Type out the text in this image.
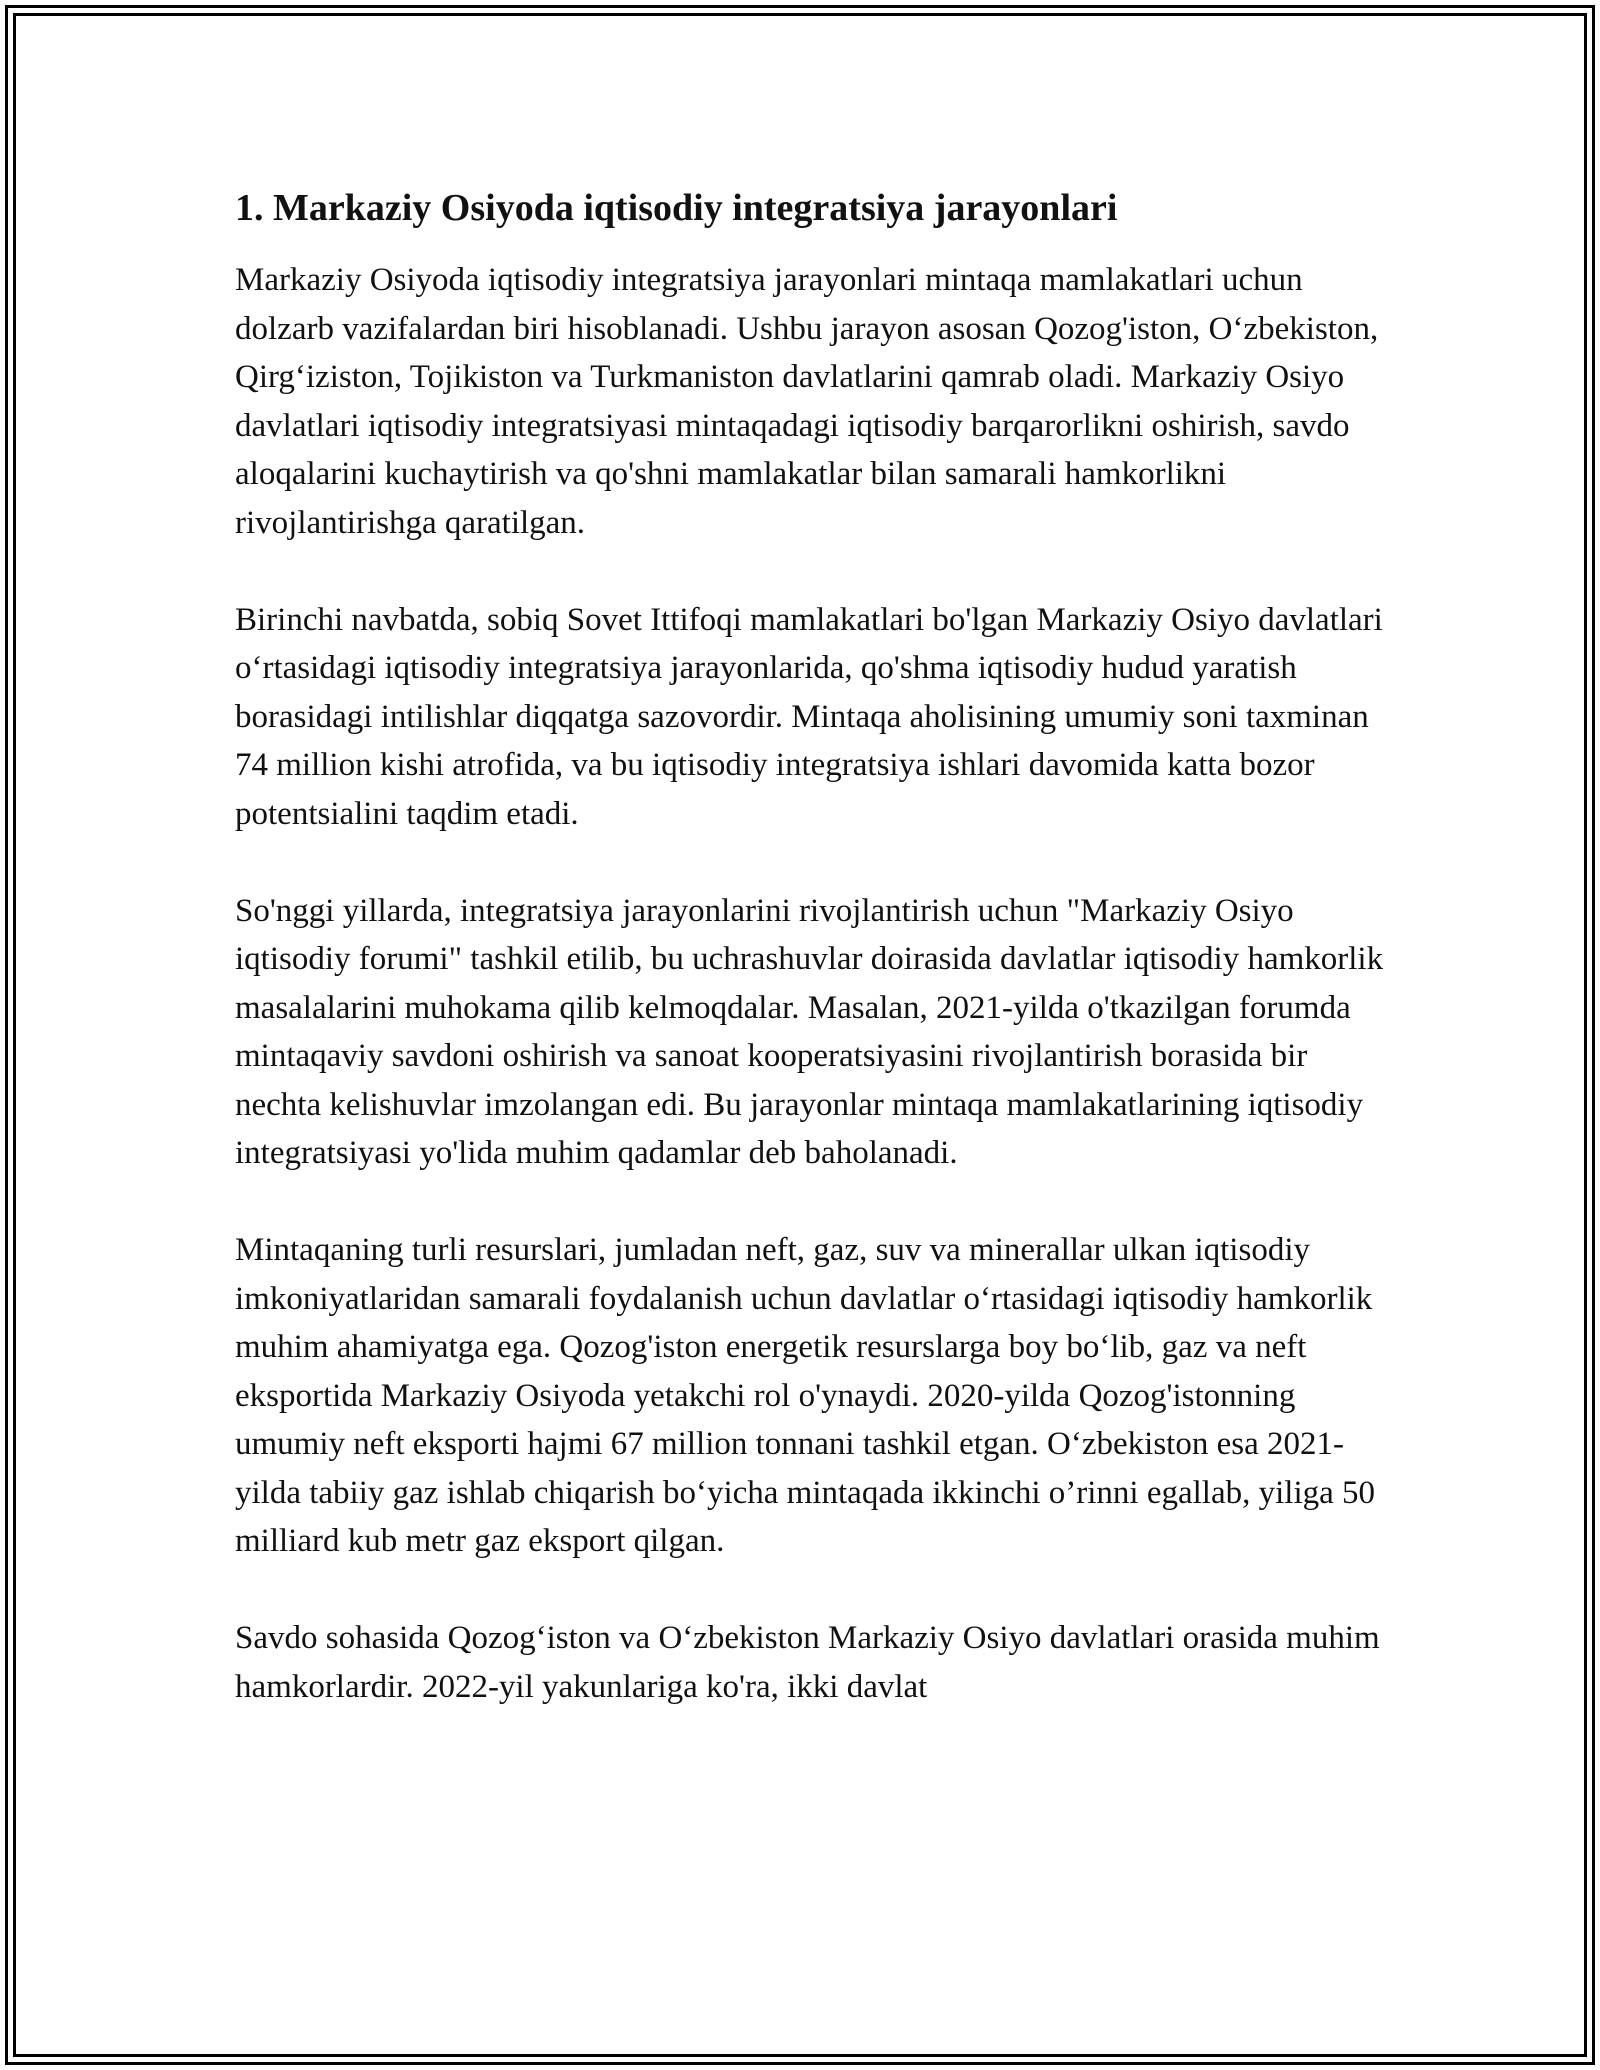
1. Markaziy Osiyoda iqtisodiy integratsiya jarayonlari

Markaziy Osiyoda iqtisodiy integratsiya jarayonlari mintaqa mamlakatlari uchun dolzarb vazifalardan biri hisoblanadi. Ushbu jarayon asosan Qozog'iston, O‘zbekiston, Qirg‘iziston, Tojikiston va Turkmaniston davlatlarini qamrab oladi. Markaziy Osiyo davlatlari iqtisodiy integratsiyasi mintaqadagi iqtisodiy barqarorlikni oshirish, savdo aloqalarini kuchaytirish va qo'shni mamlakatlar bilan samarali hamkorlikni rivojlantirishga qaratilgan.

Birinchi navbatda, sobiq Sovet Ittifoqi mamlakatlari bo'lgan Markaziy Osiyo davlatlari o‘rtasidagi iqtisodiy integratsiya jarayonlarida, qo'shma iqtisodiy hudud yaratish borasidagi intilishlar diqqatga sazovordir. Mintaqa aholisining umumiy soni taxminan 74 million kishi atrofida, va bu iqtisodiy integratsiya ishlari davomida katta bozor potentsialini taqdim etadi.

So'nggi yillarda, integratsiya jarayonlarini rivojlantirish uchun "Markaziy Osiyo iqtisodiy forumi" tashkil etilib, bu uchrashuvlar doirasida davlatlar iqtisodiy hamkorlik masalalarini muhokama qilib kelmoqdalar. Masalan, 2021-yilda o'tkazilgan forumda mintaqaviy savdoni oshirish va sanoat kooperatsiyasini rivojlantirish borasida bir nechta kelishuvlar imzolangan edi. Bu jarayonlar mintaqa mamlakatlarining iqtisodiy integratsiyasi yo'lida muhim qadamlar deb baholanadi.

Mintaqaning turli resurslari, jumladan neft, gaz, suv va minerallar ulkan iqtisodiy imkoniyatlaridan samarali foydalanish uchun davlatlar o‘rtasidagi iqtisodiy hamkorlik muhim ahamiyatga ega. Qozog'iston energetik resurslarga boy bo‘lib, gaz va neft eksportida Markaziy Osiyoda yetakchi rol o'ynaydi. 2020-yilda Qozog'istonning umumiy neft eksporti hajmi 67 million tonnani tashkil etgan. O‘zbekiston esa 2021-yilda tabiiy gaz ishlab chiqarish bo‘yicha mintaqada ikkinchi o’rinni egallab, yiliga 50 milliard kub metr gaz eksport qilgan.

Savdo sohasida Qozog‘iston va O‘zbekiston Markaziy Osiyo davlatlari orasida muhim hamkorlardir. 2022-yil yakunlariga ko'ra, ikki davlat
